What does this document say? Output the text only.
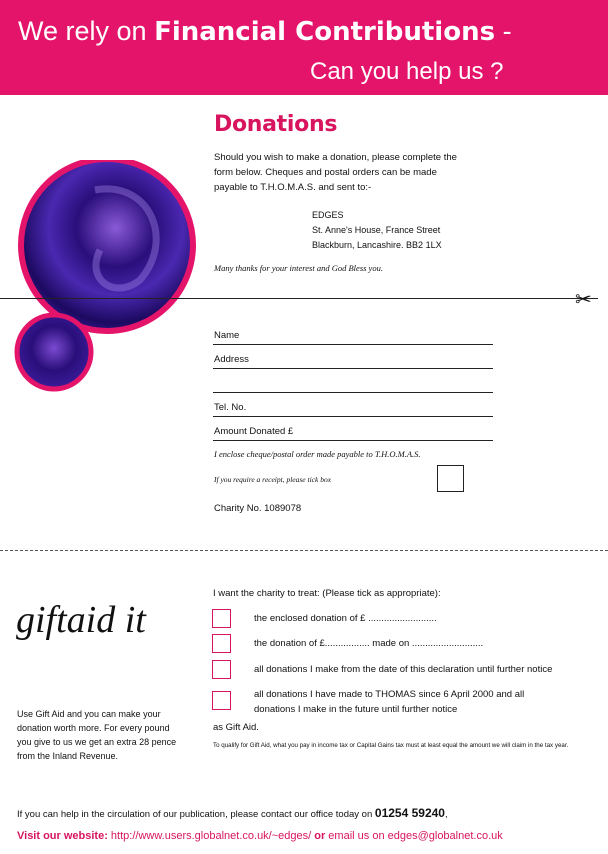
We rely on Financial Contributions -
Can you help us ?
Donations
Should you wish to make a donation, please complete the
form below. Cheques and postal orders can be made
payable to T.H.O.M.A.S. and sent to:-
EDGES
St. Anne's House, France Street
Blackburn, Lancashire. BB2 1LX
Many thanks for your interest and God Bless you.
✂
Name
Address
Tel. No.
Amount Donated £
I enclose cheque/postal order made payable to T.H.O.M.A.S.
If you require a receipt, please tick box
Charity No. 1089078
giftaid it
Use Gift Aid and you can make your
donation worth more. For every pound
you give to us we get an extra 28 pence
from the Inland Revenue.
I want the charity to treat: (Please tick as appropriate):
the enclosed donation of £ ..........................
the donation of £................. made on ...........................
all donations I make from the date of this declaration until further notice
all donations I have made to THOMAS since 6 April 2000 and all
donations I make in the future until further notice
as Gift Aid.
To qualify for Gift Aid, what you pay in income tax or Capital Gains tax must at least equal the amount we will claim in the tax year.
If you can help in the circulation of our publication, please contact our office today on 01254 59240,
Visit our website: http://www.users.globalnet.co.uk/~edges/ or email us on edges@globalnet.co.uk
